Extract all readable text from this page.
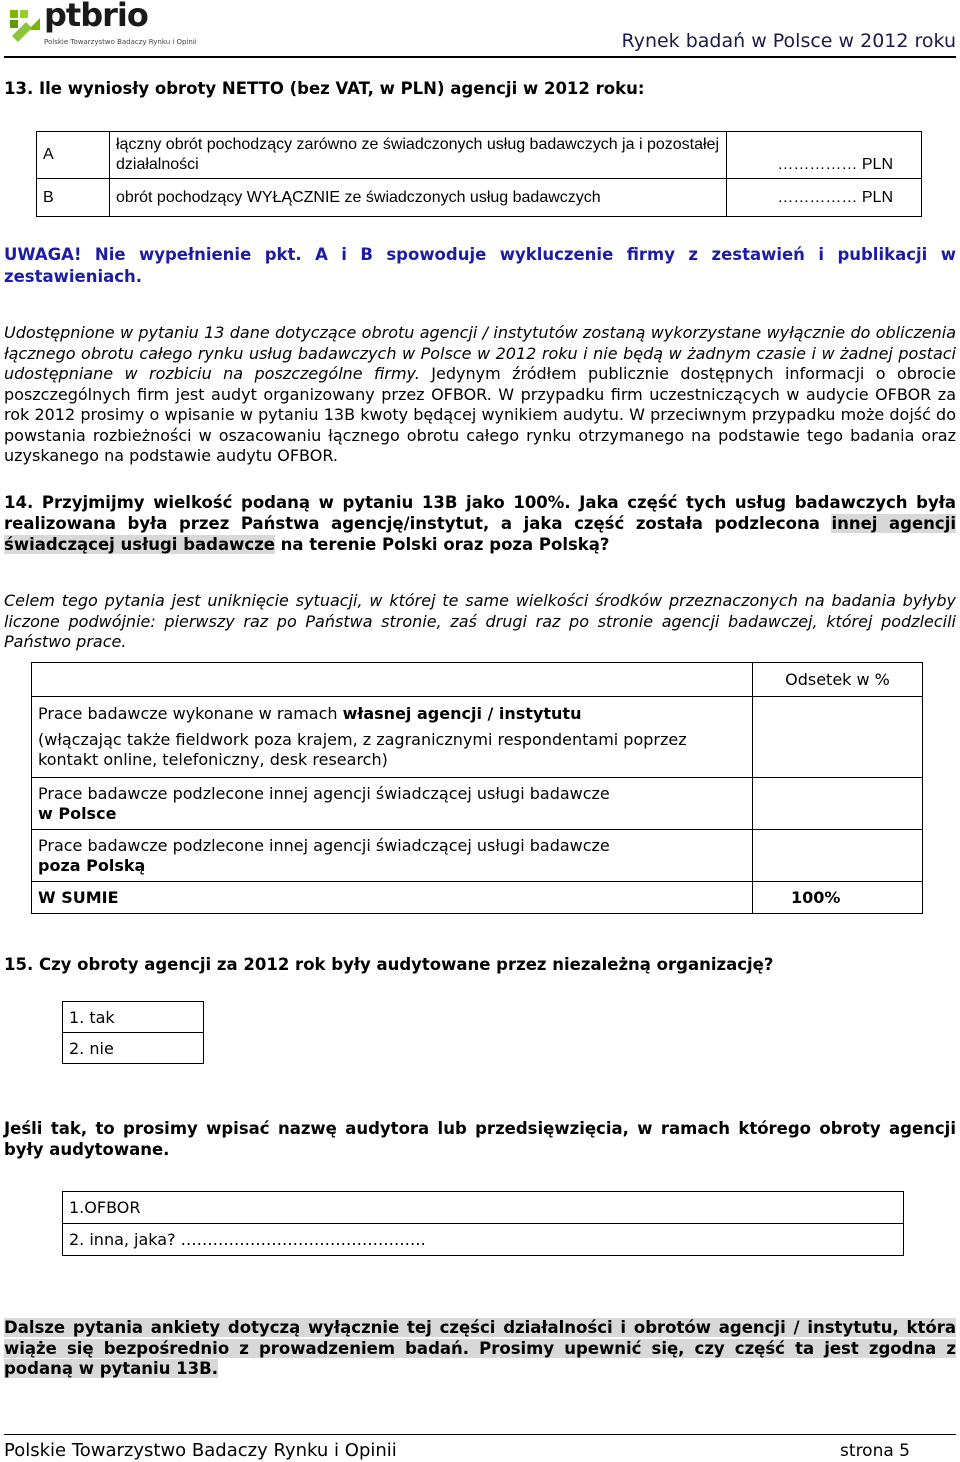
ptbrio
Polskie Towarzystwo Badaczy Rynku i Opinii	Rynek badań w Polsce w 2012 roku
13. Ile wyniosły obroty NETTO (bez VAT, w PLN) agencji w 2012 roku:
A	łączny obrót pochodzący zarówno ze świadczonych usług badawczych ja i pozostałej działalności	…………… PLN
B	obrót pochodzący WYŁĄCZNIE ze świadczonych usług badawczych	…………… PLN
UWAGA! Nie wypełnienie pkt. A i B spowoduje wykluczenie firmy z zestawień i publikacji w zestawieniach.
Udostępnione w pytaniu 13 dane dotyczące obrotu agencji / instytutów zostaną wykorzystane wyłącznie do obliczenia łącznego obrotu całego rynku usług badawczych w Polsce w 2012 roku i nie będą w żadnym czasie i w żadnej postaci udostępniane w rozbiciu na poszczególne firmy. Jedynym źródłem publicznie dostępnych informacji o obrocie poszczególnych firm jest audyt organizowany przez OFBOR. W przypadku firm uczestniczących w audycie OFBOR za rok 2012 prosimy o wpisanie w pytaniu 13B kwoty będącej wynikiem audytu. W przeciwnym przypadku może dojść do powstania rozbieżności w oszacowaniu łącznego obrotu całego rynku otrzymanego na podstawie tego badania oraz uzyskanego na podstawie audytu OFBOR.
14. Przyjmijmy wielkość podaną w pytaniu 13B jako 100%. Jaka część tych usług badawczych była realizowana była przez Państwa agencję/instytut, a jaka część została podzlecona innej agencji świadczącej usługi badawcze na terenie Polski oraz poza Polską?
Celem tego pytania jest uniknięcie sytuacji, w której te same wielkości środków przeznaczonych na badania byłyby liczone podwójnie: pierwszy raz po Państwa stronie, zaś drugi raz po stronie agencji badawczej, której podzlecili Państwo prace.
	Odsetek w %

Prace badawcze wykonane w ramach własnej agencji / instytutu
(włączając także fieldwork poza krajem, z zagranicznymi respondentami poprzez kontakt online, telefoniczny, desk research)	

Prace badawcze podzlecone innej agencji świadczącej usługi badawcze
w Polsce	

Prace badawcze podzlecone innej agencji świadczącej usługi badawcze
poza Polską	

W SUMIE	100%
15. Czy obroty agencji za 2012 rok były audytowane przez niezależną organizację?
1. tak
2. nie
Jeśli tak, to prosimy wpisać nazwę audytora lub przedsięwzięcia, w ramach którego obroty agencji były audytowane.
1.OFBOR
2. inna, jaka? ……………………………………….
Dalsze pytania ankiety dotyczą wyłącznie tej części działalności i obrotów agencji / instytutu, która wiąże się bezpośrednio z prowadzeniem badań. Prosimy upewnić się, czy część ta jest zgodna z podaną w pytaniu 13B.
Polskie Towarzystwo Badaczy Rynku i Opinii	strona 5
